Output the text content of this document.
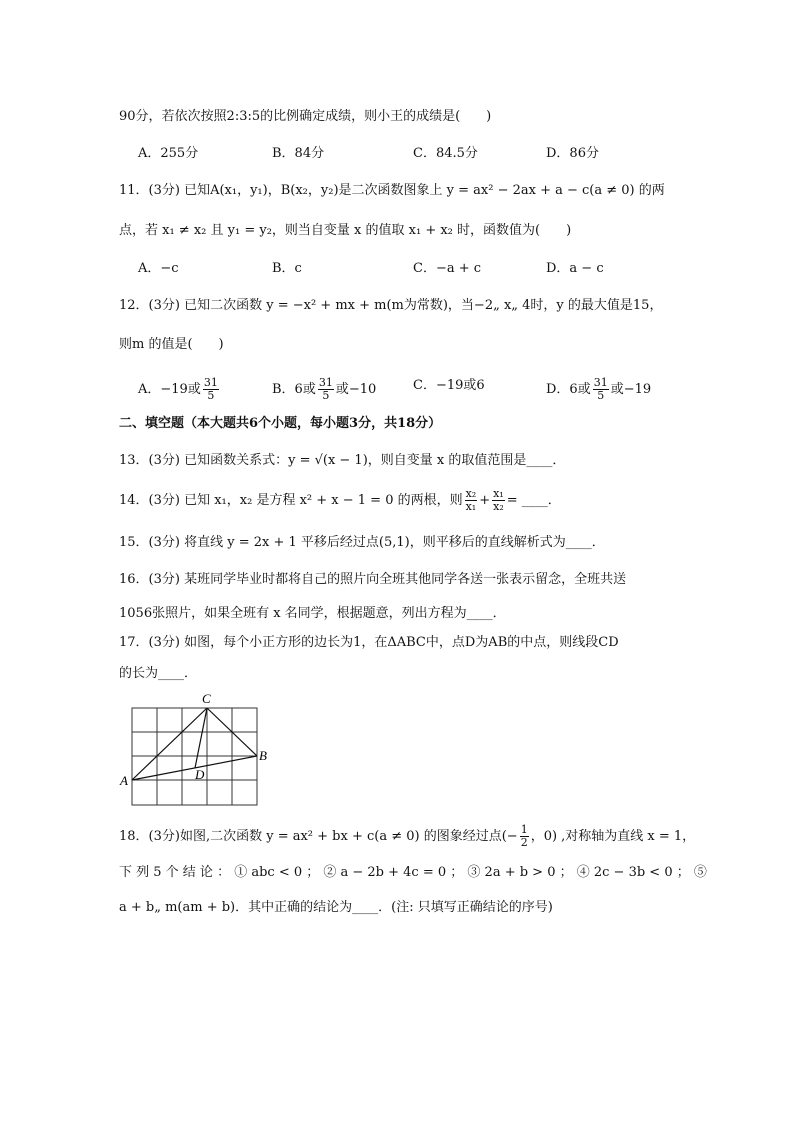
90分，若依次按照2:3:5的比例确定成绩，则小王的成绩是(　　)
A．255分	B．84分	C．84.5分	D．86分
11．(3分) 已知A(x₁，y₁)，B(x₂，y₂)是二次函数图象上 y = ax² − 2ax + a − c(a ≠ 0) 的两
点，若 x₁ ≠ x₂ 且 y₁ = y₂，则当自变量 x 的值取 x₁ + x₂ 时，函数值为(　　)
A．−c	B．c	C．−a + c	D．a − c
12．(3分) 已知二次函数 y = −x² + mx + m(m为常数)，当−2„ x„ 4时，y 的最大值是15，
则m 的值是(　　)
A．−19或 $\frac{31}{5}$	B．6或 $\frac{31}{5}$ 或−10	C．−19或6	D．6或 $\frac{31}{5}$ 或−19
二、填空题（本大题共6个小题，每小题3分，共18分）
13．(3分) 已知函数关系式：y = √(x − 1)，则自变量 x 的取值范围是____．
14．(3分) 已知 x₁，x₂ 是方程 x² + x − 1 = 0 的两根，则 $\frac{\text{x₂}}{\text{x₁}} + \frac{\text{x₁}}{\text{x₂}}$ = ____．
15．(3分) 将直线 y = 2x + 1 平移后经过点(5,1)，则平移后的直线解析式为____．
16．(3分) 某班同学毕业时都将自己的照片向全班其他同学各送一张表示留念，全班共送
1056张照片，如果全班有 x 名同学，根据题意，列出方程为____．
17．(3分) 如图，每个小正方形的边长为1，在ΔABC中，点D为AB的中点，则线段CD
的长为____．
C
B
A	D
18．(3分)如图,二次函数 y = ax² + bx + c(a ≠ 0) 的图象经过点(− $\frac{1}{2}$ ，0) ,对称轴为直线 x = 1，
下 列 5 个 结 论 ： ① abc < 0 ； ② a − 2b + 4c = 0 ； ③ 2a + b > 0 ； ④ 2c − 3b < 0 ； ⑤
a + b„ m(am + b)．其中正确的结论为____．(注: 只填写正确结论的序号)
